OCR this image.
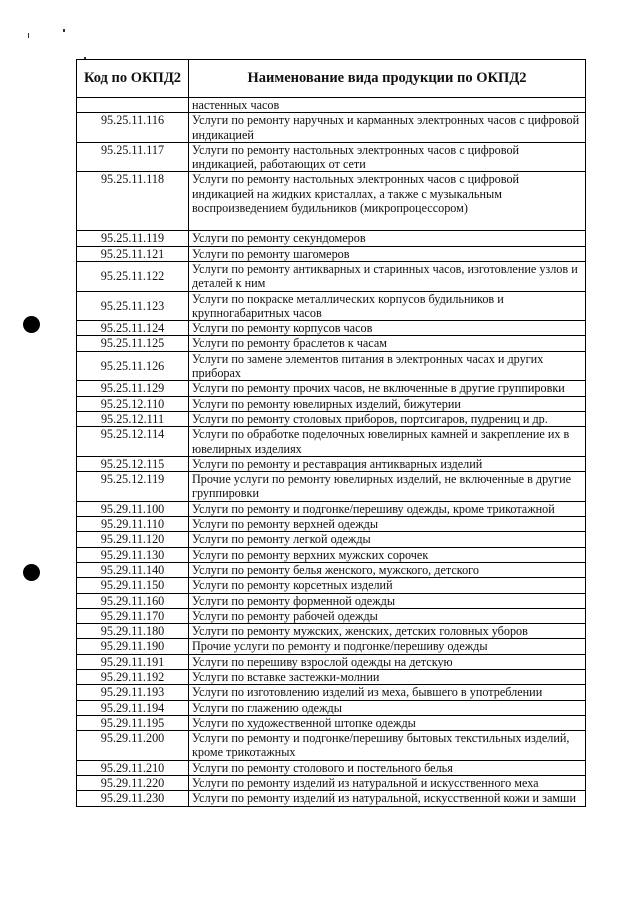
Код по ОКПД2	Наименование вида продукции по ОКПД2
	настенных часов
95.25.11.116	Услуги по ремонту наручных и карманных электронных часов с цифровой индикацией
95.25.11.117	Услуги по ремонту настольных электронных часов с цифровой индикацией, работающих от сети
95.25.11.118	Услуги по ремонту настольных электронных часов с цифровой индикацией на жидких кристаллах, а также с музыкальным воспроизведением будильников (микропроцессором)
95.25.11.119	Услуги по ремонту секундомеров
95.25.11.121	Услуги по ремонту шагомеров
95.25.11.122	Услуги по ремонту антикварных и старинных часов, изготовление узлов и деталей к ним
95.25.11.123	Услуги по покраске металлических корпусов будильников и крупногабаритных часов
95.25.11.124	Услуги по ремонту корпусов часов
95.25.11.125	Услуги по ремонту браслетов к часам
95.25.11.126	Услуги по замене элементов питания в электронных часах и других приборах
95.25.11.129	Услуги по ремонту прочих часов, не включенные в другие группировки
95.25.12.110	Услуги по ремонту ювелирных изделий, бижутерии
95.25.12.111	Услуги по ремонту столовых приборов, портсигаров, пудрениц и др.
95.25.12.114	Услуги по обработке поделочных ювелирных камней и закрепление их в ювелирных изделиях
95.25.12.115	Услуги по ремонту и реставрация антикварных изделий
95.25.12.119	Прочие услуги по ремонту ювелирных изделий, не включенные в другие группировки
95.29.11.100	Услуги по ремонту и подгонке/перешиву одежды, кроме трикотажной
95.29.11.110	Услуги по ремонту верхней одежды
95.29.11.120	Услуги по ремонту легкой одежды
95.29.11.130	Услуги по ремонту верхних мужских сорочек
95.29.11.140	Услуги по ремонту белья женского, мужского, детского
95.29.11.150	Услуги по ремонту корсетных изделий
95.29.11.160	Услуги по ремонту форменной одежды
95.29.11.170	Услуги по ремонту рабочей одежды
95.29.11.180	Услуги по ремонту мужских, женских, детских головных уборов
95.29.11.190	Прочие услуги по ремонту и подгонке/перешиву одежды
95.29.11.191	Услуги по перешиву взрослой одежды на детскую
95.29.11.192	Услуги по вставке застежки-молнии
95.29.11.193	Услуги по изготовлению изделий из меха, бывшего в употреблении
95.29.11.194	Услуги по глажению одежды
95.29.11.195	Услуги по художественной штопке одежды
95.29.11.200	Услуги по ремонту и подгонке/перешиву бытовых текстильных изделий, кроме трикотажных
95.29.11.210	Услуги по ремонту столового и постельного белья
95.29.11.220	Услуги по ремонту изделий из натуральной и искусственного меха
95.29.11.230	Услуги по ремонту изделий из натуральной, искусственной кожи и замши
